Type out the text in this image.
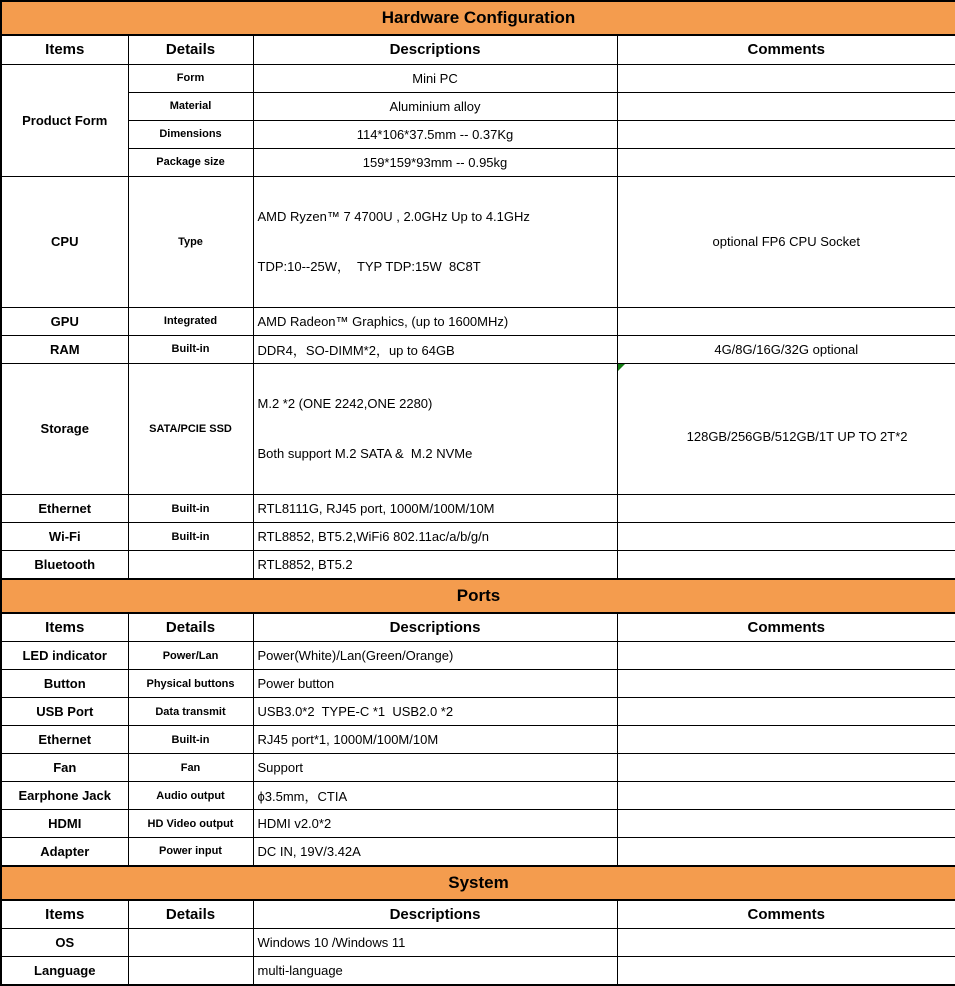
Hardware Configuration			
Items	Details	Descriptions	Comments
Product Form	Form	Mini PC	
	Material	Aluminium alloy	
	Dimensions	114*106*37.5mm -- 0.37Kg	
	Package size	159*159*93mm -- 0.95kg	
CPU	Type	AMD Ryzen™ 7 4700U , 2.0GHz Up to 4.1GHz

TDP:10--25W，  TYP TDP:15W  8C8T	optional FP6 CPU Socket
GPU	Integrated	AMD Radeon™ Graphics, (up to 1600MHz)	
RAM	Built-in	DDR4，SO-DIMM*2，up to 64GB	4G/8G/16G/32G optional
Storage	SATA/PCIE SSD	M.2 *2 (ONE 2242,ONE 2280)

Both support M.2 SATA &  M.2 NVMe	128GB/256GB/512GB/1T UP TO 2T*2

Ethernet	Built-in	RTL8111G, RJ45 port, 1000M/100M/10M	
Wi-Fi	Built-in	RTL8852, BT5.2,WiFi6 802.11ac/a/b/g/n	
Bluetooth		RTL8852, BT5.2	
Ports			
Items	Details	Descriptions	Comments
LED indicator	Power/Lan	Power(White)/Lan(Green/Orange)	
Button	Physical buttons	Power button	
USB Port	Data transmit	USB3.0*2  TYPE-C *1  USB2.0 *2	
Ethernet	Built-in	RJ45 port*1, 1000M/100M/10M	
Fan	Fan	Support	
Earphone Jack	Audio output	ϕ3.5mm，CTIA	
HDMI	HD Video output	HDMI v2.0*2	
Adapter	Power input	DC IN, 19V/3.42A	
System			
Items	Details	Descriptions	Comments
OS		Windows 10 /Windows 11	
Language		multi-language	
